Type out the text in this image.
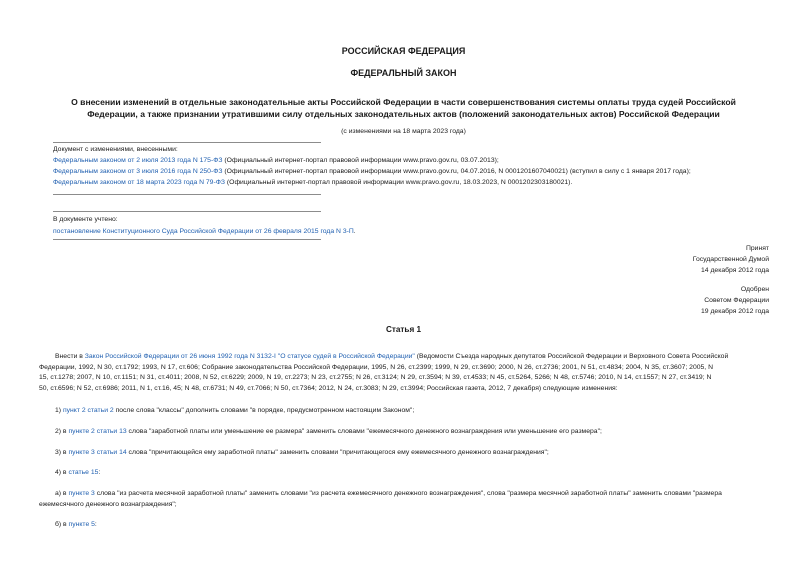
РОССИЙСКАЯ ФЕДЕРАЦИЯ
ФЕДЕРАЛЬНЫЙ ЗАКОН
О внесении изменений в отдельные законодательные акты Российской Федерации в части совершенствования системы оплаты труда судей Российской
Федерации, а также признании утратившими силу отдельных законодательных актов (положений законодательных актов) Российской Федерации
(с изменениями на 18 марта 2023 года)
Документ с изменениями, внесенными:
Федеральным законом от 2 июля 2013 года N 175-ФЗ (Официальный интернет-портал правовой информации www.pravo.gov.ru, 03.07.2013);
Федеральным законом от 3 июля 2016 года N 250-ФЗ (Официальный интернет-портал правовой информации www.pravo.gov.ru, 04.07.2016, N 0001201607040021) (вступил в силу с 1 января 2017 года);
Федеральным законом от 18 марта 2023 года N 79-ФЗ (Официальный интернет-портал правовой информации www.pravo.gov.ru, 18.03.2023, N 0001202303180021).
В документе учтено:
постановление Конституционного Суда Российской Федерации от 26 февраля 2015 года N 3-П.
Принят
Государственной Думой
14 декабря 2012 года
Одобрен
Советом Федерации
19 декабря 2012 года
Статья 1
Внести в Закон Российской Федерации от 26 июня 1992 года N 3132-I "О статусе судей в Российской Федерации" (Ведомости Съезда народных депутатов Российской Федерации и Верховного Совета Российской
Федерации, 1992, N 30, ст.1792; 1993, N 17, ст.606; Собрание законодательства Российской Федерации, 1995, N 26, ст.2399; 1999, N 29, ст.3690; 2000, N 26, ст.2736; 2001, N 51, ст.4834; 2004, N 35, ст.3607; 2005, N
15, ст.1278; 2007, N 10, ст.1151; N 31, ст.4011; 2008, N 52, ст.6229; 2009, N 19, ст.2273; N 23, ст.2755; N 26, ст.3124; N 29, ст.3594; N 39, ст.4533; N 45, ст.5264, 5266; N 48, ст.5746; 2010, N 14, ст.1557; N 27, ст.3419; N
50, ст.6596; N 52, ст.6986; 2011, N 1, ст.16, 45; N 48, ст.6731; N 49, ст.7066; N 50, ст.7364; 2012, N 24, ст.3083; N 29, ст.3994; Российская газета, 2012, 7 декабря) следующие изменения:
1) пункт 2 статьи 2 после слова "классы" дополнить словами "в порядке, предусмотренном настоящим Законом";
2) в пункте 2 статьи 13 слова "заработной платы или уменьшение ее размера" заменить словами "ежемесячного денежного вознаграждения или уменьшение его размера";
3) в пункте 3 статьи 14 слова "причитающейся ему заработной платы" заменить словами "причитающегося ему ежемесячного денежного вознаграждения";
4) в статье 15:
а) в пункте 3 слова "из расчета месячной заработной платы" заменить словами "из расчета ежемесячного денежного вознаграждения", слова "размера месячной заработной платы" заменить словами "размера
ежемесячного денежного вознаграждения";
б) в пункте 5:
